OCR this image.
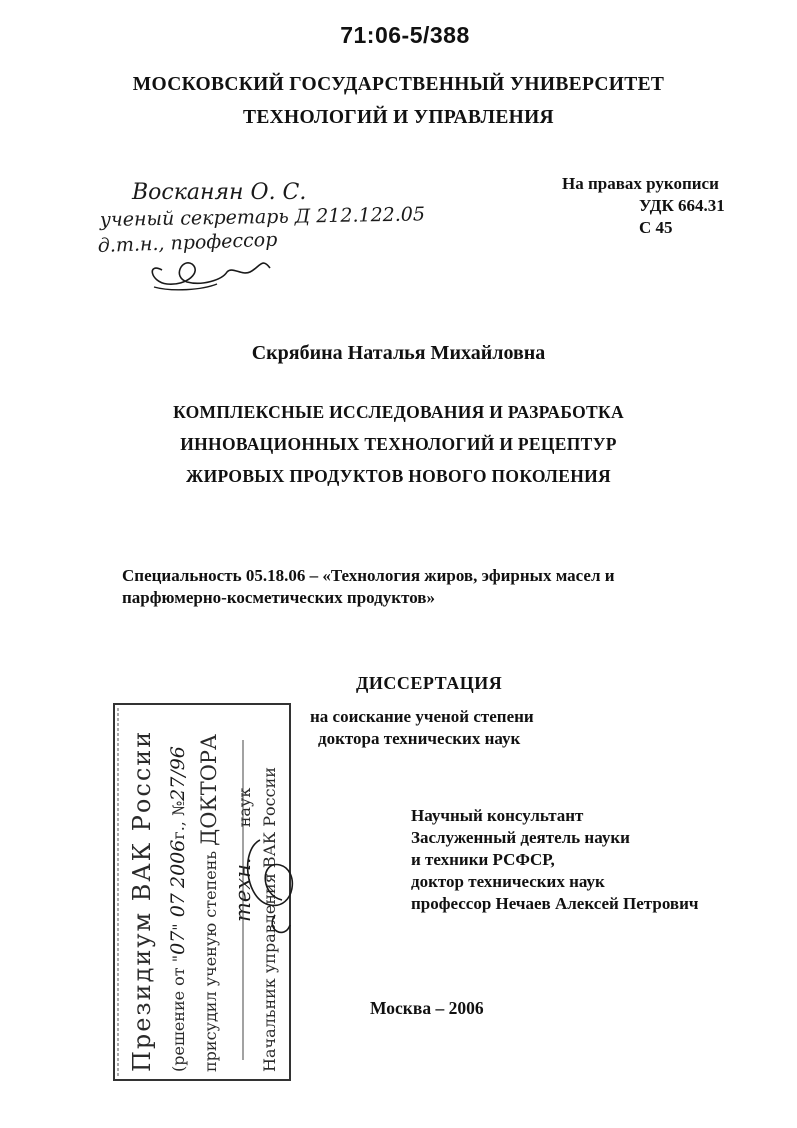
71:06-5/388
МОСКОВСКИЙ ГОСУДАРСТВЕННЫЙ УНИВЕРСИТЕТ
ТЕХНОЛОГИЙ И УПРАВЛЕНИЯ
На правах рукописи
УДК 664.31
С 45
Восканян О. С.
ученый секретарь Д 212.122.05
д.т.н., профессор
Скрябина Наталья Михайловна
КОМПЛЕКСНЫЕ ИССЛЕДОВАНИЯ И РАЗРАБОТКА
ИННОВАЦИОННЫХ ТЕХНОЛОГИЙ И РЕЦЕПТУР
ЖИРОВЫХ ПРОДУКТОВ НОВОГО ПОКОЛЕНИЯ
Специальность 05.18.06 – «Технология жиров, эфирных масел и
парфюмерно-косметических продуктов»
ДИССЕРТАЦИЯ
на соискание ученой степени
доктора технических наук
Научный консультант
Заслуженный деятель науки
и техники РСФСР,
доктор технических наук
профессор Нечаев Алексей Петрович
Москва – 2006
Президиум ВАК России (решение от "07" 07 2006г., №27/96
присудил ученую степень ДОКТОРА
техн.наук Начальник управления ВАК России
